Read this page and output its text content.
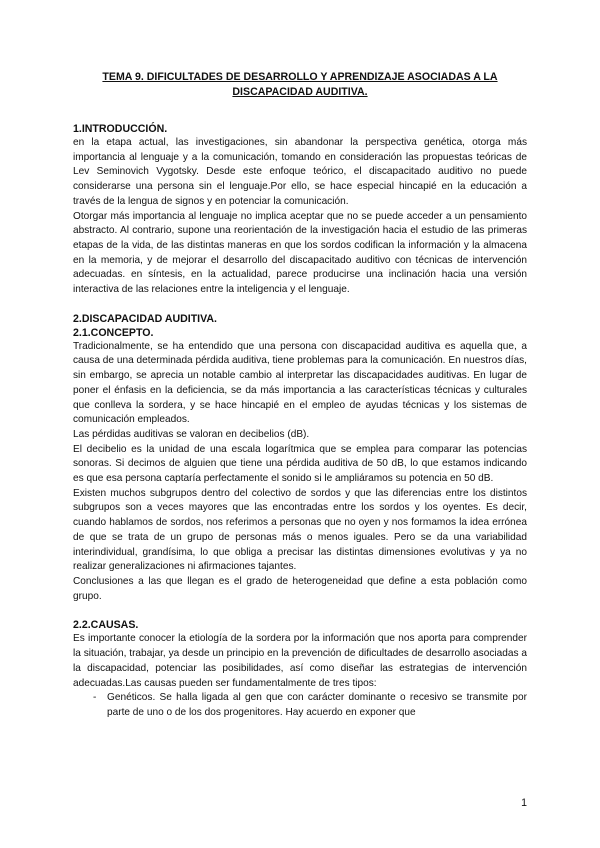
TEMA 9. DIFICULTADES DE DESARROLLO Y APRENDIZAJE ASOCIADAS A LA
DISCAPACIDAD AUDITIVA.
1.INTRODUCCIÓN.

en la etapa actual, las investigaciones, sin abandonar la perspectiva genética, otorga más importancia al lenguaje y a la comunicación, tomando en consideración las propuestas teóricas de Lev Seminovich Vygotsky. Desde este enfoque teórico, el discapacitado auditivo no puede considerarse una persona sin el lenguaje.Por ello, se hace especial hincapié en la educación a través de la lengua de signos y en potenciar la comunicación.

Otorgar más importancia al lenguaje no implica aceptar que no se puede acceder a un pensamiento abstracto. Al contrario, supone una reorientación de la investigación hacia el estudio de las primeras etapas de la vida, de las distintas maneras en que los sordos codifican la información y la almacena en la memoria, y de mejorar el desarrollo del discapacitado auditivo con técnicas de intervención adecuadas. en síntesis, en la actualidad, parece producirse una inclinación hacia una versión interactiva de las relaciones entre la inteligencia y el lenguaje.

2.DISCAPACIDAD AUDITIVA.
2.1.CONCEPTO.

Tradicionalmente, se ha entendido que una persona con discapacidad auditiva es aquella que, a causa de una determinada pérdida auditiva, tiene problemas para la comunicación. En nuestros días, sin embargo, se aprecia un notable cambio al interpretar las discapacidades auditivas. En lugar de poner el énfasis en la deficiencia, se da más importancia a las características técnicas y culturales que conlleva la sordera, y se hace hincapié en el empleo de ayudas técnicas y los sistemas de comunicación empleados.

Las pérdidas auditivas se valoran en decibelios (dB).

El decibelio es la unidad de una escala logarítmica que se emplea para comparar las potencias sonoras. Si decimos de alguien que tiene una pérdida auditiva de 50 dB, lo que estamos indicando es que esa persona captaría perfectamente el sonido si le ampliáramos su potencia en 50 dB.

Existen muchos subgrupos dentro del colectivo de sordos y que las diferencias entre los distintos subgrupos son a veces mayores que las encontradas entre los sordos y los oyentes. Es decir, cuando hablamos de sordos, nos referimos a personas que no oyen y nos formamos la idea errónea de que se trata de un grupo de personas más o menos iguales. Pero se da una variabilidad interindividual, grandísima, lo que obliga a precisar las distintas dimensiones evolutivas y ya no realizar generalizaciones ni afirmaciones tajantes.

Conclusiones a las que llegan es el grado de heterogeneidad que define a esta población como grupo.

2.2.CAUSAS.

Es importante conocer la etiología de la sordera por la información que nos aporta para comprender la situación, trabajar, ya desde un principio en la prevención de dificultades de desarrollo asociadas a la discapacidad, potenciar las posibilidades, así como diseñar las estrategias de intervención adecuadas.Las causas pueden ser fundamentalmente de tres tipos:

- Genéticos. Se halla ligada al gen que con carácter dominante o recesivo se transmite por parte de uno o de los dos progenitores. Hay acuerdo en exponer que
1
